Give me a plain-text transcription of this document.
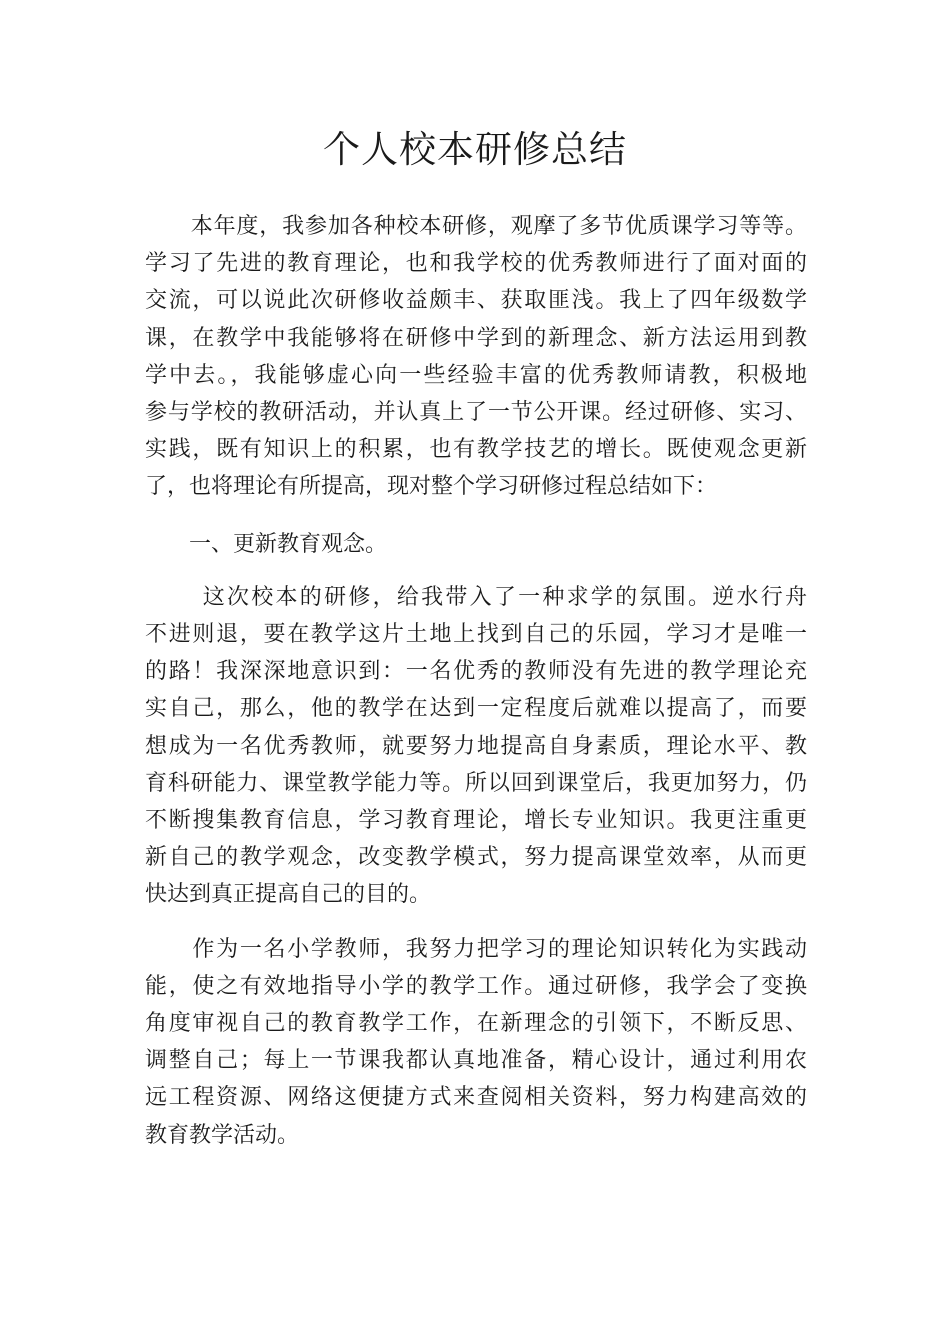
个人校本研修总结

　　本年度，我参加各种校本研修，观摩了多节优质课学习等等。
学习了先进的教育理论，也和我学校的优秀教师进行了面对面的
交流，可以说此次研修收益颇丰、获取匪浅。我上了四年级数学
课，在教学中我能够将在研修中学到的新理念、新方法运用到教
学中去。，我能够虚心向一些经验丰富的优秀教师请教，积极地
参与学校的教研活动，并认真上了一节公开课。经过研修、实习、
实践，既有知识上的积累，也有教学技艺的增长。既使观念更新
了，也将理论有所提高，现对整个学习研修过程总结如下：

　　一、更新教育观念。

　　 这次校本的研修，给我带入了一种求学的氛围。逆水行舟
不进则退，要在教学这片土地上找到自己的乐园，学习才是唯一
的路！我深深地意识到：一名优秀的教师没有先进的教学理论充
实自己，那么，他的教学在达到一定程度后就难以提高了，而要
想成为一名优秀教师，就要努力地提高自身素质，理论水平、教
育科研能力、课堂教学能力等。所以回到课堂后，我更加努力，仍
不断搜集教育信息，学习教育理论，增长专业知识。我更注重更
新自己的教学观念，改变教学模式，努力提高课堂效率，从而更
快达到真正提高自己的目的。

　　作为一名小学教师，我努力把学习的理论知识转化为实践动
能，使之有效地指导小学的教学工作。通过研修，我学会了变换
角度审视自己的教育教学工作，在新理念的引领下，不断反思、
调整自己；每上一节课我都认真地准备，精心设计，通过利用农
远工程资源、网络这便捷方式来查阅相关资料，努力构建高效的
教育教学活动。
